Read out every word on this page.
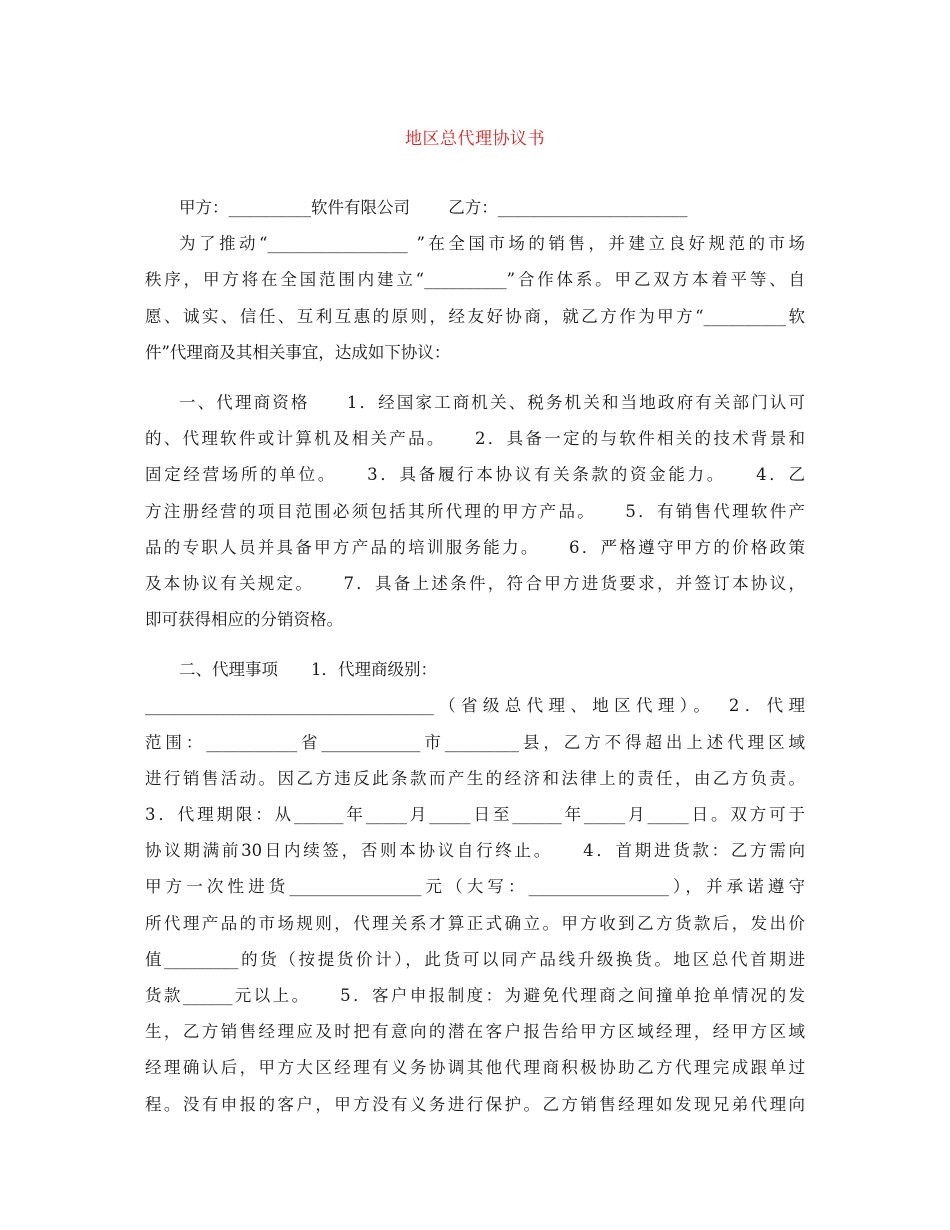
地区总代理协议书
甲方：__________软件有限公司　　 乙方：_______________________
为了推动“_________________ ”在全国市场的销售，并建立良好规范的市场
秩序，甲方将在全国范围内建立“__________”合作体系。甲乙双方本着平等、自
愿、诚实、信任、互利互惠的原则，经友好协商，就乙方作为甲方“__________软
件”代理商及其相关事宜，达成如下协议：
一、代理商资格　　1．经国家工商机关、税务机关和当地政府有关部门认可
的、代理软件或计算机及相关产品。　　2．具备一定的与软件相关的技术背景和
固定经营场所的单位。　　3．具备履行本协议有关条款的资金能力。　　4．乙
方注册经营的项目范围必须包括其所代理的甲方产品。　　5．有销售代理软件产
品的专职人员并具备甲方产品的培训服务能力。　　6．严格遵守甲方的价格政策
及本协议有关规定。　　7．具备上述条件，符合甲方进货要求，并签订本协议，
即可获得相应的分销资格。
二、代理事项　　1．代理商级别：
___________________________________（省级总代理、地区代理）。　2．代理
范围：___________省____________市_________县，乙方不得超出上述代理区域
进行销售活动。因乙方违反此条款而产生的经济和法律上的责任，由乙方负责。
3．代理期限：从______年_____月_____日至______年_____月_____日。双方可于
协议期满前30日内续签，否则本协议自行终止。　　4．首期进货款：乙方需向
甲方一次性进货________________元（大写：_________________），并承诺遵守
所代理产品的市场规则，代理关系才算正式确立。甲方收到乙方货款后，发出价
值_________的货（按提货价计），此货可以同产品线升级换货。地区总代首期进
货款______元以上。　　5．客户申报制度：为避免代理商之间撞单抢单情况的发
生，乙方销售经理应及时把有意向的潜在客户报告给甲方区域经理，经甲方区域
经理确认后，甲方大区经理有义务协调其他代理商积极协助乙方代理完成跟单过
程。没有申报的客户，甲方没有义务进行保护。乙方销售经理如发现兄弟代理向
